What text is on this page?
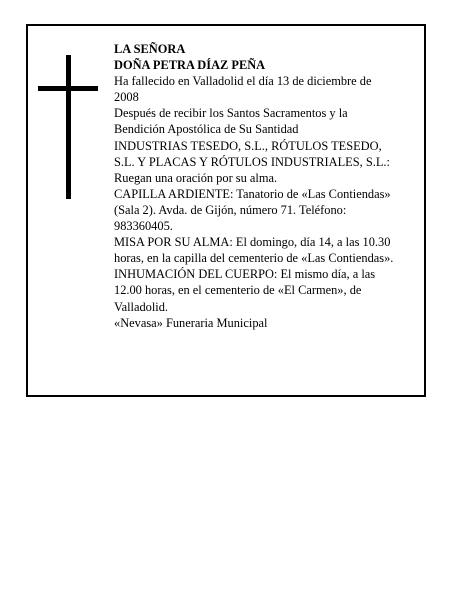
LA SEÑORA

DOÑA PETRA DÍAZ PEÑA

Ha fallecido en Valladolid el día 13 de diciembre de

2008

Después de recibir los Santos Sacramentos y la

Bendición Apostólica de Su Santidad

INDUSTRIAS TESEDO, S.L., RÓTULOS TESEDO,

S.L. Y PLACAS Y RÓTULOS INDUSTRIALES, S.L.:

Ruegan una oración por su alma.

CAPILLA ARDIENTE: Tanatorio de «Las Contiendas»

(Sala 2). Avda. de Gijón, número 71. Teléfono:

983360405.

MISA POR SU ALMA: El domingo, día 14, a las 10.30

horas, en la capilla del cementerio de «Las Contiendas».

INHUMACIÓN DEL CUERPO: El mismo día, a las

12.00 horas, en el cementerio de «El Carmen», de

Valladolid.

«Nevasa» Funeraria Municipal
